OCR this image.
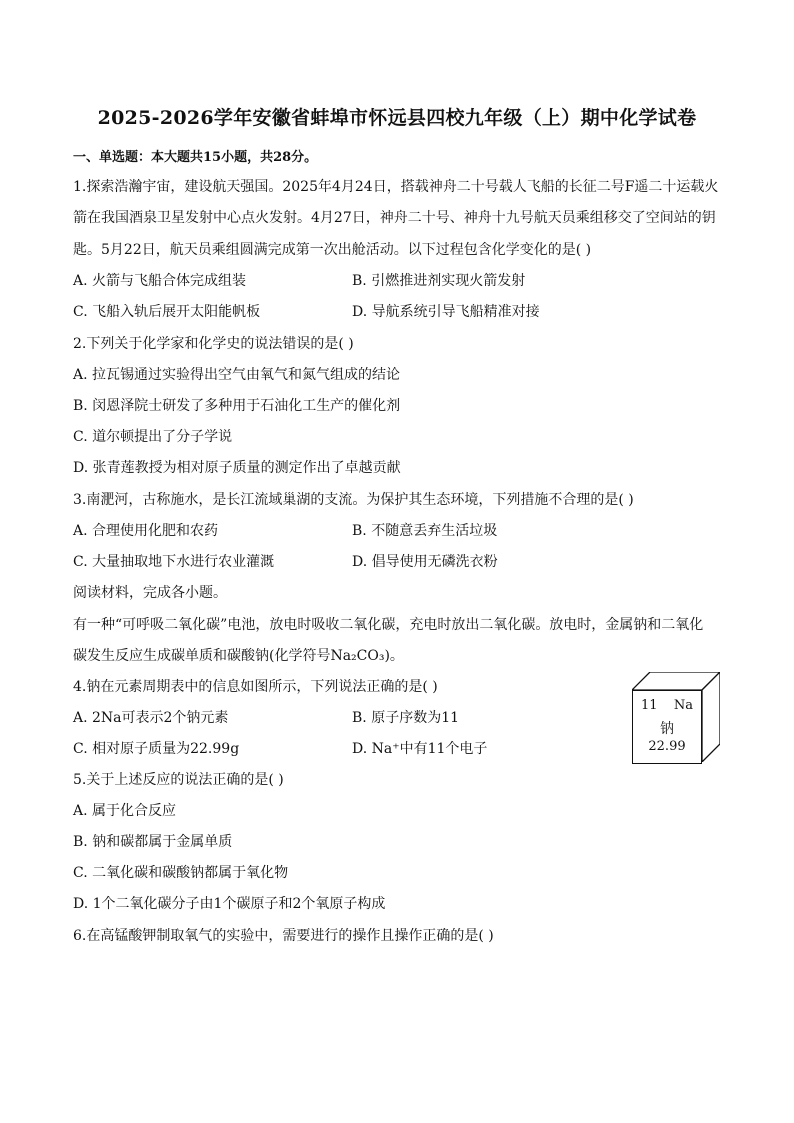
2025-2026学年安徽省蚌埠市怀远县四校九年级（上）期中化学试卷
一、单选题：本大题共15小题，共28分。
1.探索浩瀚宇宙，建设航天强国。2025年4月24日，搭载神舟二十号载人飞船的长征二号F遥二十运载火
箭在我国酒泉卫星发射中心点火发射。4月27日，神舟二十号、神舟十九号航天员乘组移交了空间站的钥
匙。5月22日，航天员乘组圆满完成第一次出舱活动。以下过程包含化学变化的是( )
A. 火箭与飞船合体完成组装	B. 引燃推进剂实现火箭发射
C. 飞船入轨后展开太阳能帆板	D. 导航系统引导飞船精准对接
2.下列关于化学家和化学史的说法错误的是( )
A. 拉瓦锡通过实验得出空气由氧气和氮气组成的结论
B. 闵恩泽院士研发了多种用于石油化工生产的催化剂
C. 道尔顿提出了分子学说
D. 张青莲教授为相对原子质量的测定作出了卓越贡献
3.南淝河，古称施水，是长江流域巢湖的支流。为保护其生态环境，下列措施不合理的是( )
A. 合理使用化肥和农药	B. 不随意丢弃生活垃圾
C. 大量抽取地下水进行农业灌溉	D. 倡导使用无磷洗衣粉
阅读材料，完成各小题。
有一种“可呼吸二氧化碳”电池，放电时吸收二氧化碳，充电时放出二氧化碳。放电时，金属钠和二氧化
碳发生反应生成碳单质和碳酸钠(化学符号Na₂CO₃)。
4.钠在元素周期表中的信息如图所示，下列说法正确的是( )
A. 2Na可表示2个钠元素	B. 原子序数为11
C. 相对原子质量为22.99g	D. Na⁺中有11个电子
5.关于上述反应的说法正确的是( )
A. 属于化合反应
B. 钠和碳都属于金属单质
C. 二氧化碳和碳酸钠都属于氧化物
D. 1个二氧化碳分子由1个碳原子和2个氧原子构成
6.在高锰酸钾制取氧气的实验中，需要进行的操作且操作正确的是( )
11 Na
钠
22.99
